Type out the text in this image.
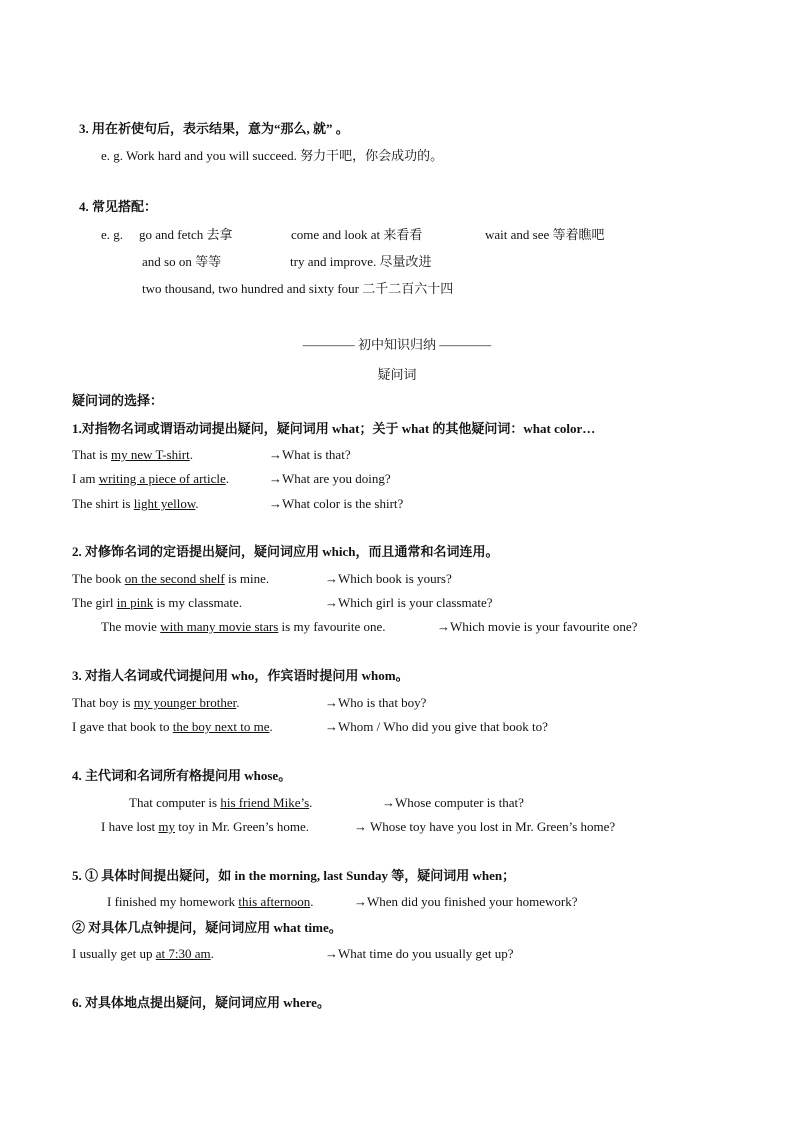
3. 用在祈使句后，表示结果，意为“那么, 就” 。
e. g. Work hard and you will succeed. 努力干吧，你会成功的。
4. 常见搭配：
e. g. go and fetch 去拿	come and look at 来看看	wait and see 等着瞧吧
and so on 等等	try and improve. 尽量改进
two thousand, two hundred and sixty four 二千二百六十四
———— 初中知识归纳 ————
疑问词
疑问词的选择：
1.对指物名词或谓语动词提出疑问，疑问词用 what；关于 what 的其他疑问词：what color…
That is my new T-shirt.	→What is that?
I am writing a piece of article.	→What are you doing?
The shirt is light yellow.	→What color is the shirt?
2. 对修饰名词的定语提出疑问，疑问词应用 which，而且通常和名词连用。
The book on the second shelf is mine.	→Which book is yours?
The girl in pink is my classmate.	→Which girl is your classmate?
The movie with many movie stars is my favourite one.	→Which movie is your favourite one?
3. 对指人名词或代词提问用 who，作宾语时提问用 whom。
That boy is my younger brother.	→Who is that boy?
I gave that book to the boy next to me.	→Whom / Who did you give that book to?
4. 主代词和名词所有格提问用 whose。
That computer is his friend Mike’s.	→Whose computer is that?
I have lost my toy in Mr. Green’s home.	→ Whose toy have you lost in Mr. Green’s home?
5. ① 具体时间提出疑问，如 in the morning, last Sunday 等，疑问词用 when；
I finished my homework this afternoon.	→When did you finished your homework?
② 对具体几点钟提问，疑问词应用 what time。
I usually get up at 7:30 am.	→What time do you usually get up?
6. 对具体地点提出疑问，疑问词应用 where。
